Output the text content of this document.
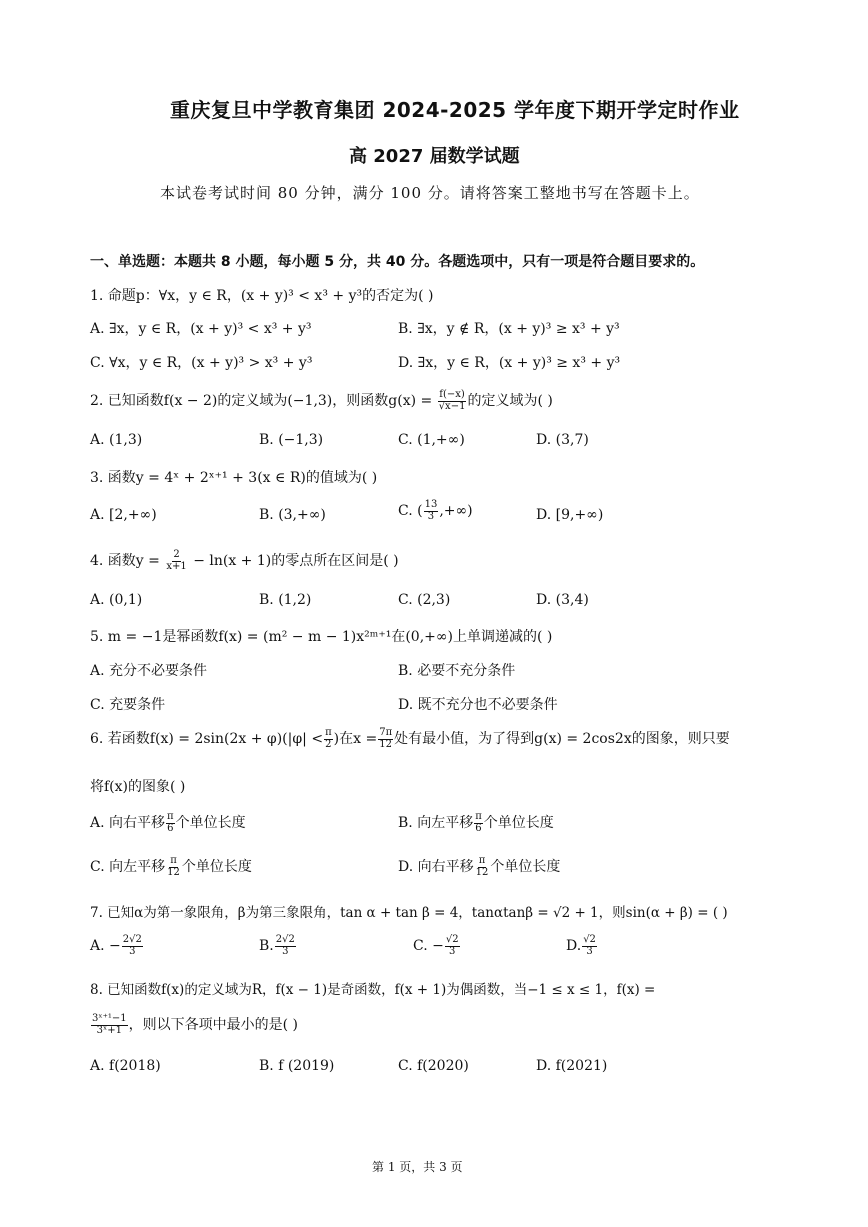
重庆复旦中学教育集团 2024-2025 学年度下期开学定时作业
高 2027 届数学试题
本试卷考试时间 80 分钟，满分 100 分。请将答案工整地书写在答题卡上。
一、单选题：本题共 8 小题，每小题 5 分，共 40 分。各题选项中，只有一项是符合题目要求的。
1. 命题p：∀x，y ∈ R，(x + y)³ < x³ + y³的否定为( )
A. ∃x，y ∈ R，(x + y)³ < x³ + y³	B. ∃x，y ∉ R，(x + y)³ ≥ x³ + y³
C. ∀x，y ∈ R，(x + y)³ > x³ + y³	D. ∃x，y ∈ R，(x + y)³ ≥ x³ + y³
2. 已知函数f(x − 2)的定义域为(−1,3)，则函数$g(x) = \frac{f(-x)}{√x-1}$ 的定义域为( )
A. (1,3)	B. (−1,3)	C. (1,+∞)	D. (3,7)
3. 函数y = 4ˣ + 2ˣ⁺¹ + 3(x ∈ R)的值域为( )
A. [2,+∞)	B. (3,+∞)	C. ( $\frac{13}{3}$ ,+∞)	D. [9,+∞)
4. 函数$y = \frac{2}{x+1} - \ln(x + 1)$的零点所在区间是( )
A. (0,1)	B. (1,2)	C. (2,3)	D. (3,4)
5. m = −1是幂函数f(x) = (m² − m − 1)x²ᵐ⁺¹在(0,+∞)上单调递减的( )
A. 充分不必要条件	B. 必要不充分条件
C. 充要条件	D. 既不充分也不必要条件
6. 若函数$f(x) = 2\sin(2x + \varphi)(|\varphi| < \frac{\pi}{2}$ )在$x = \frac{7\pi}{12}$ 处有最小值，为了得到g(x) = 2cos2x的图象，则只要
将f(x)的图象( )
A. 向右平移 $\frac{\pi}{6}$ 个单位长度	B. 向左平移 $\frac{\pi}{6}$ 个单位长度
C. 向左平移 $\frac{\pi}{12}$ 个单位长度	D. 向右平移 $\frac{\pi}{12}$ 个单位长度
7. 已知α为第一象限角，β为第三象限角，tan α + tan β = 4，tanαtanβ = √2 + 1，则sin(α + β) = ( )
A. − $\frac{2√2}{3}$	B. $\frac{2√2}{3}$	C. − $\frac{√2}{3}$	D. $\frac{√2}{3}$
8. 已知函数f(x)的定义域为R，f(x − 1)是奇函数，f(x + 1)为偶函数，当−1 ≤ x ≤ 1，f(x) =
$\frac{\text{3ˣ⁺¹−1}}{\text{3ˣ+1}}$ ，则以下各项中最小的是( )
A. f(2018)	B. f (2019)	C. f(2020)	D. f(2021)
第 1 页，共 3 页
